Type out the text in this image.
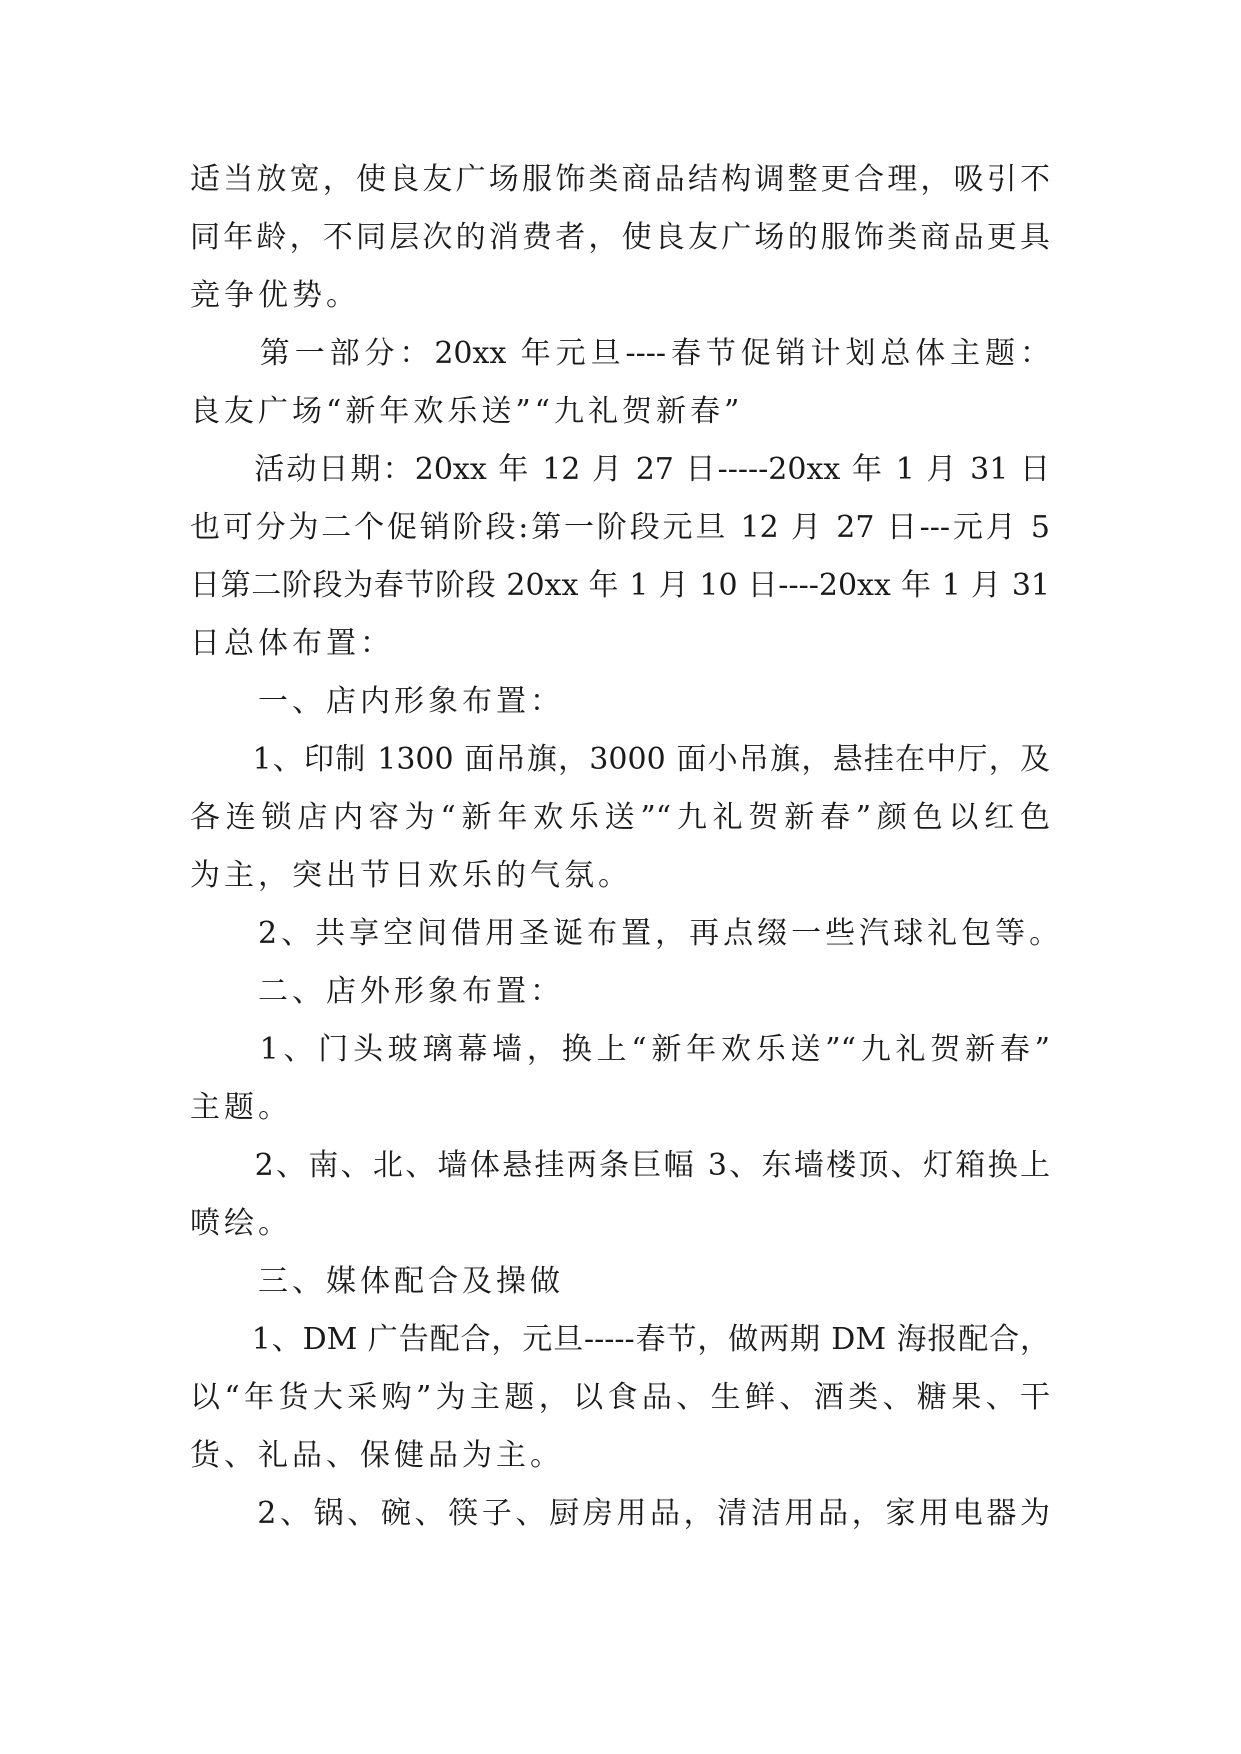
适当放宽，使良友广场服饰类商品结构调整更合理，吸引不
同年龄，不同层次的消费者，使良友广场的服饰类商品更具
竞争优势。
　　第一部分：20xx 年元旦----春节促销计划总体主题：
良友广场“新年欢乐送”“九礼贺新春”
　　活动日期：20xx 年 12 月 27 日-----20xx 年 1 月 31 日
也可分为二个促销阶段:第一阶段元旦 12 月 27 日---元月 5
日第二阶段为春节阶段 20xx 年 1 月 10 日----20xx 年 1 月 31
日总体布置：
　　一、店内形象布置：
　　1、印制 1300 面吊旗，3000 面小吊旗，悬挂在中厅，及
各连锁店内容为“新年欢乐送”“九礼贺新春”颜色以红色
为主，突出节日欢乐的气氛。
　　2、共享空间借用圣诞布置，再点缀一些汽球礼包等。
　　二、店外形象布置：
　　1、门头玻璃幕墙，换上“新年欢乐送”“九礼贺新春”
主题。
　　2、南、北、墙体悬挂两条巨幅 3、东墙楼顶、灯箱换上
喷绘。
　　三、媒体配合及操做
　　1、DM 广告配合，元旦-----春节，做两期 DM 海报配合，
以“年货大采购”为主题，以食品、生鲜、酒类、糖果、干
货、礼品、保健品为主。
　　2、锅、碗、筷子、厨房用品，清洁用品，家用电器为
